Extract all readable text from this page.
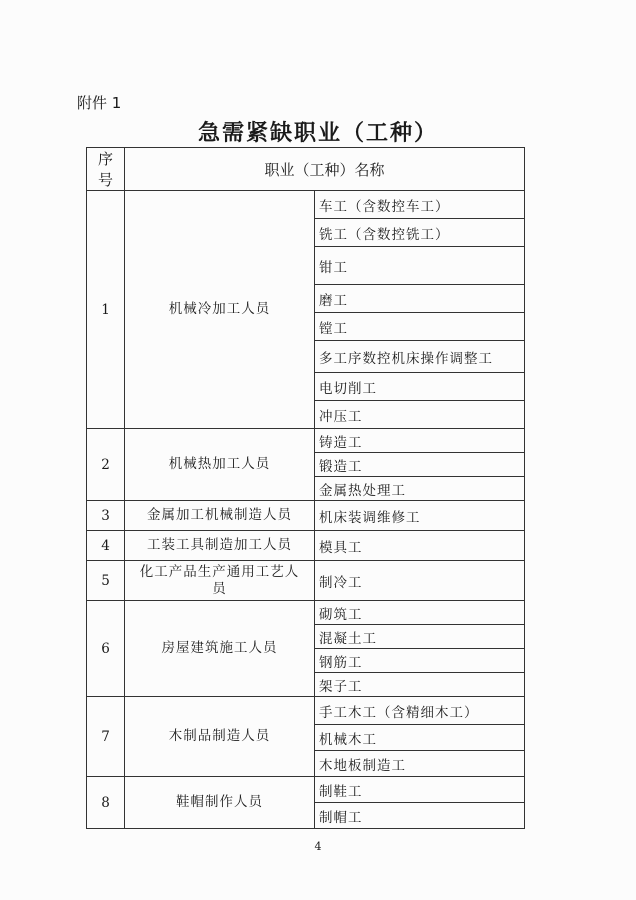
附件 1
急需紧缺职业（工种）
序号	职业（工种）名称	
1	机械冷加工人员	车工（含数控车工）
		铣工（含数控铣工）
		钳工
		磨工
		镗工
		多工序数控机床操作调整工
		电切削工
		冲压工
2	机械热加工人员	铸造工
		锻造工
		金属热处理工
3	金属加工机械制造人员	机床装调维修工
4	工装工具制造加工人员	模具工
5	化工产品生产通用工艺人员	制冷工
6	房屋建筑施工人员	砌筑工
		混凝土工
		钢筋工
		架子工
7	木制品制造人员	手工木工（含精细木工）
		机械木工
		木地板制造工
8	鞋帽制作人员	制鞋工
		制帽工
4
